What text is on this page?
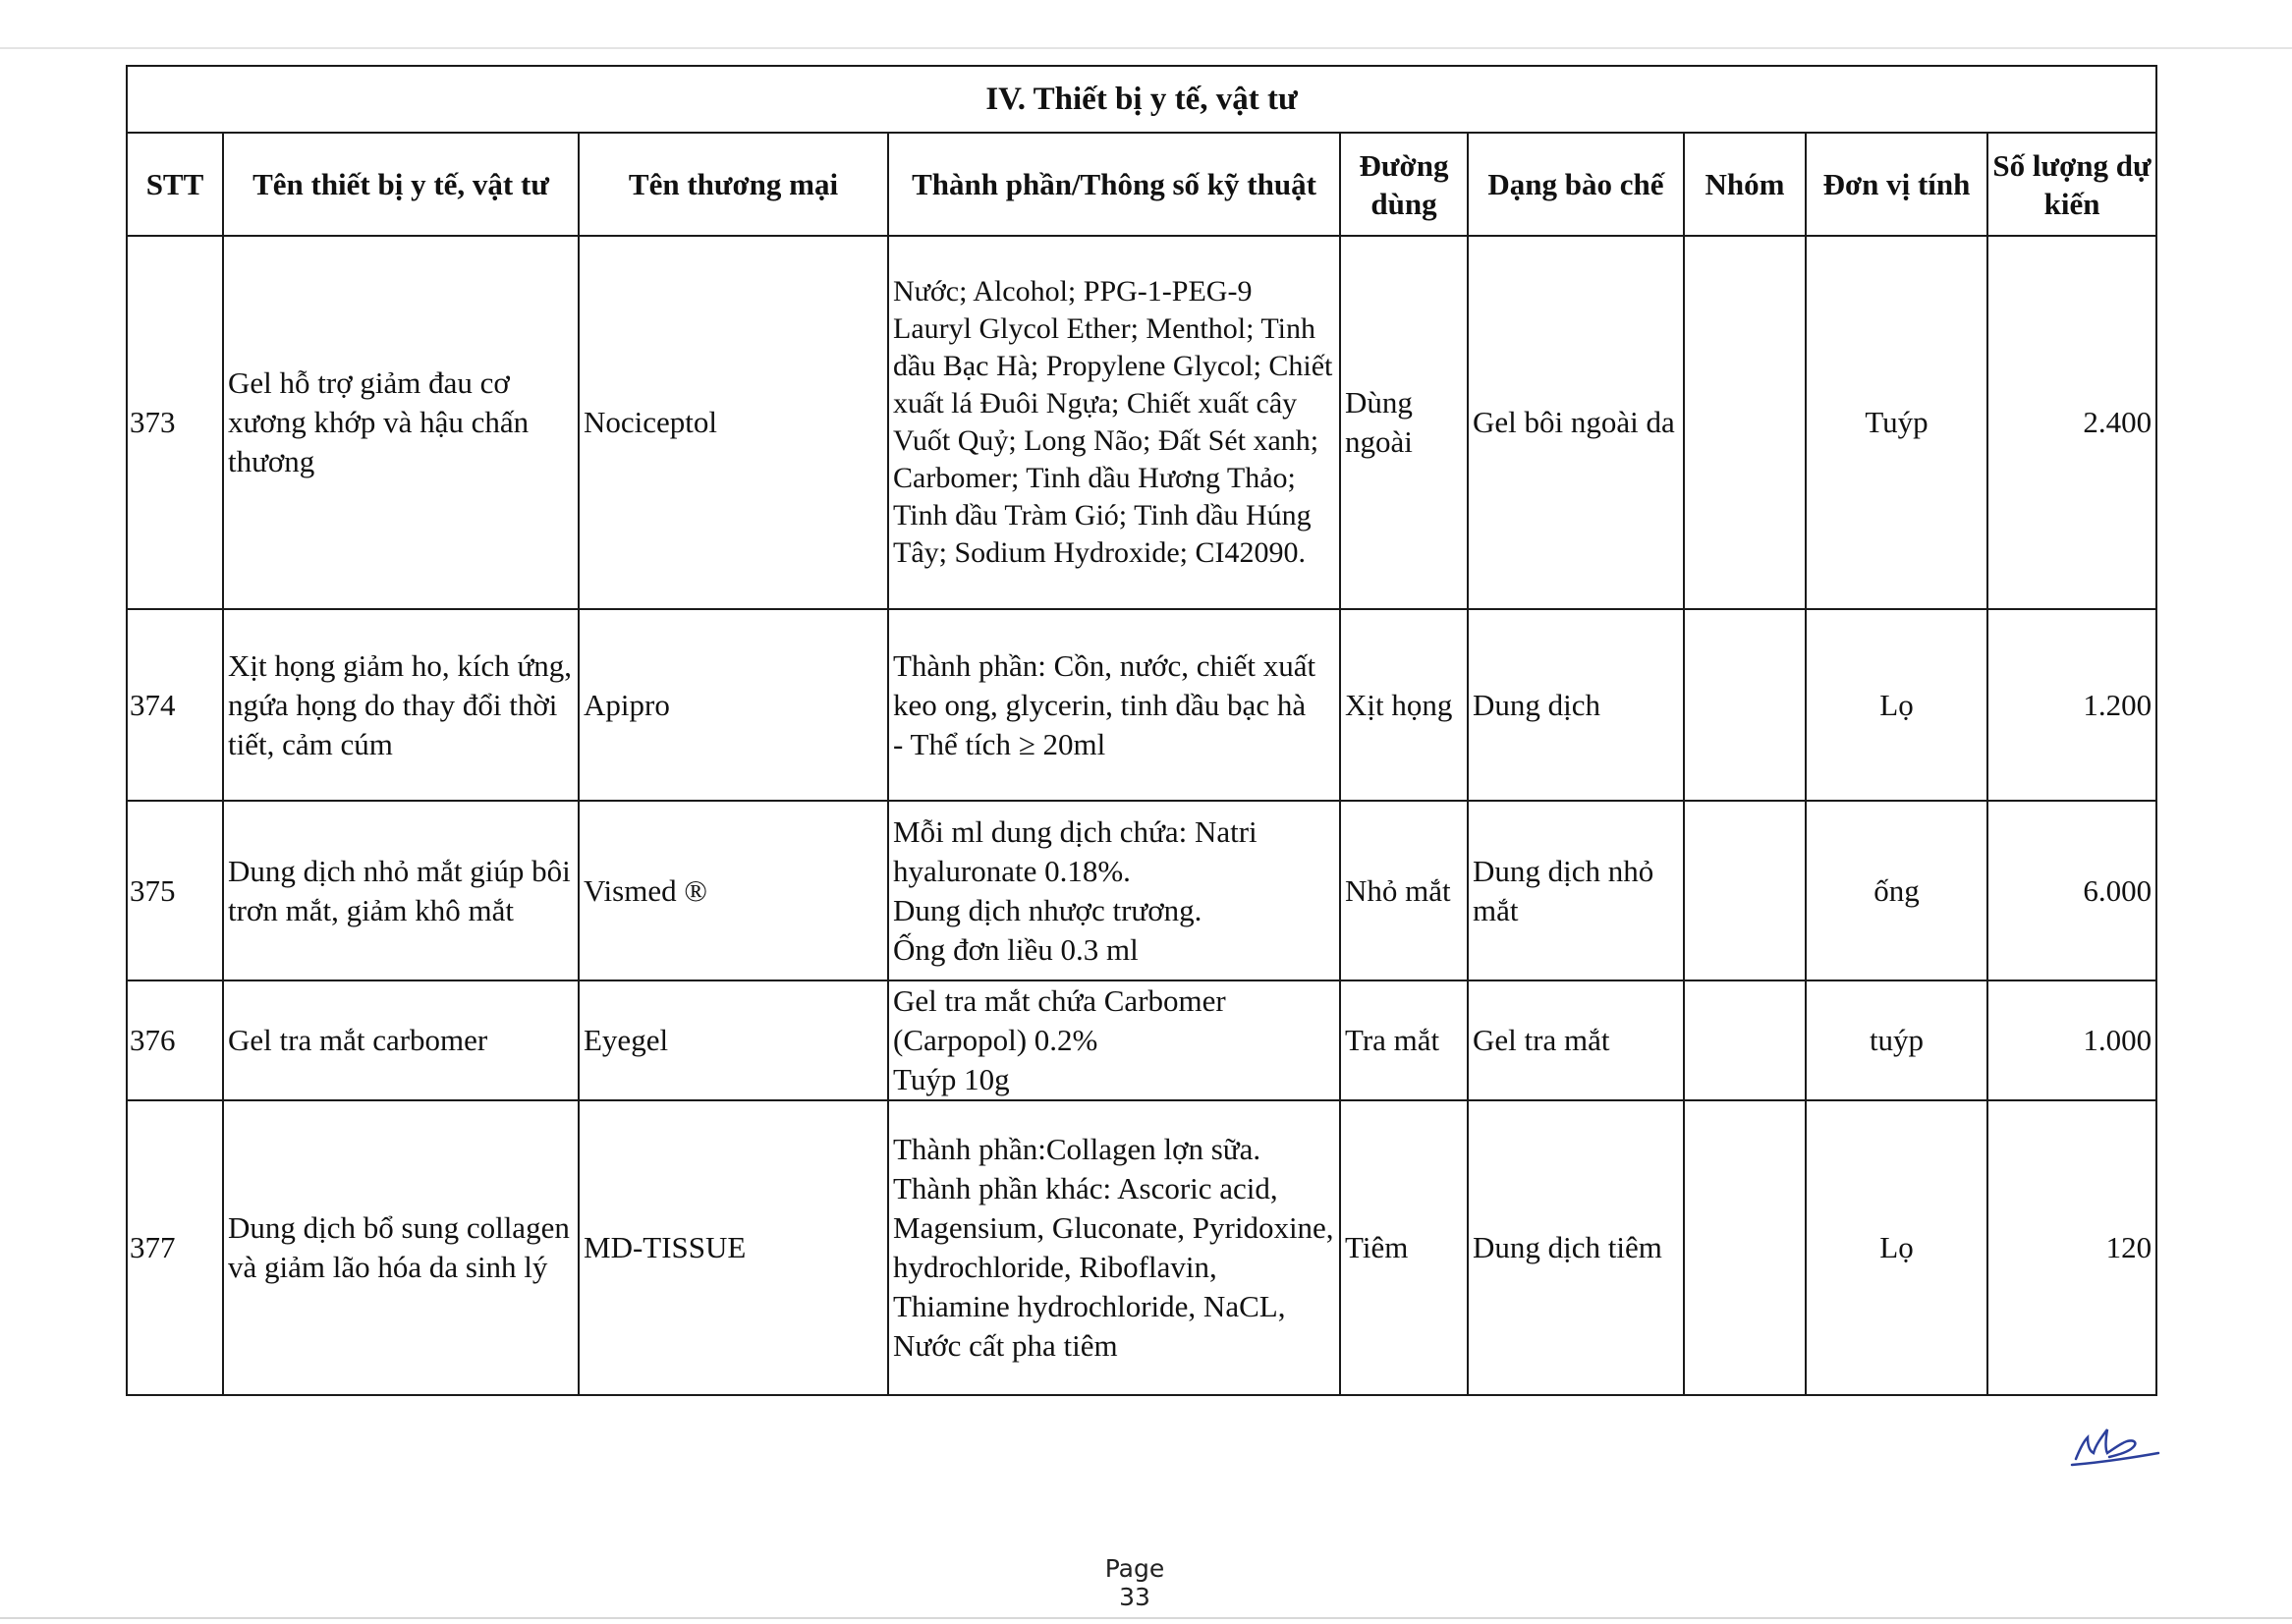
IV. Thiết bị y tế, vật tư								
STT	Tên thiết bị y tế, vật tư	Tên thương mại	Thành phần/Thông số kỹ thuật	Đường dùng	Dạng bào chế	Nhóm	Đơn vị tính	Số lượng dự kiến
373	Gel hỗ trợ giảm đau cơ xương khớp và hậu chấn thương	Nociceptol	Nước; Alcohol; PPG-1-PEG-9 Lauryl Glycol Ether; Menthol; Tinh dầu Bạc Hà; Propylene Glycol; Chiết xuất lá Đuôi Ngựa; Chiết xuất cây Vuốt Quỷ; Long Não; Đất Sét xanh; Carbomer; Tinh dầu Hương Thảo; Tinh dầu Tràm Gió; Tinh dầu Húng Tây; Sodium Hydroxide; CI42090.	Dùng ngoài	Gel bôi ngoài da		Tuýp	2.400
374	Xịt họng giảm ho, kích ứng, ngứa họng do thay đổi thời tiết, cảm cúm	Apipro	Thành phần: Cồn, nước, chiết xuất keo ong, glycerin, tinh dầu bạc hà
- Thể tích ≥ 20ml	Xịt họng	Dung dịch		Lọ	1.200
375	Dung dịch nhỏ mắt giúp bôi trơn mắt, giảm khô mắt	Vismed ®	Mỗi ml dung dịch chứa: Natri hyaluronate 0.18%.
Dung dịch nhược trương.
Ống đơn liều 0.3 ml	Nhỏ mắt	Dung dịch nhỏ mắt		ống	6.000
376	Gel tra mắt carbomer	Eyegel	Gel tra mắt chứa Carbomer (Carpopol) 0.2%
Tuýp 10g	Tra mắt	Gel tra mắt		tuýp	1.000
377	Dung dịch bổ sung collagen và giảm lão hóa da sinh lý	MD-TISSUE	Thành phần:Collagen lợn sữa.
Thành phần khác: Ascoric acid, Magensium, Gluconate, Pyridoxine, hydrochloride, Riboflavin, Thiamine hydrochloride, NaCL, Nước cất pha tiêm	Tiêm	Dung dịch tiêm		Lọ	120
Page 33
